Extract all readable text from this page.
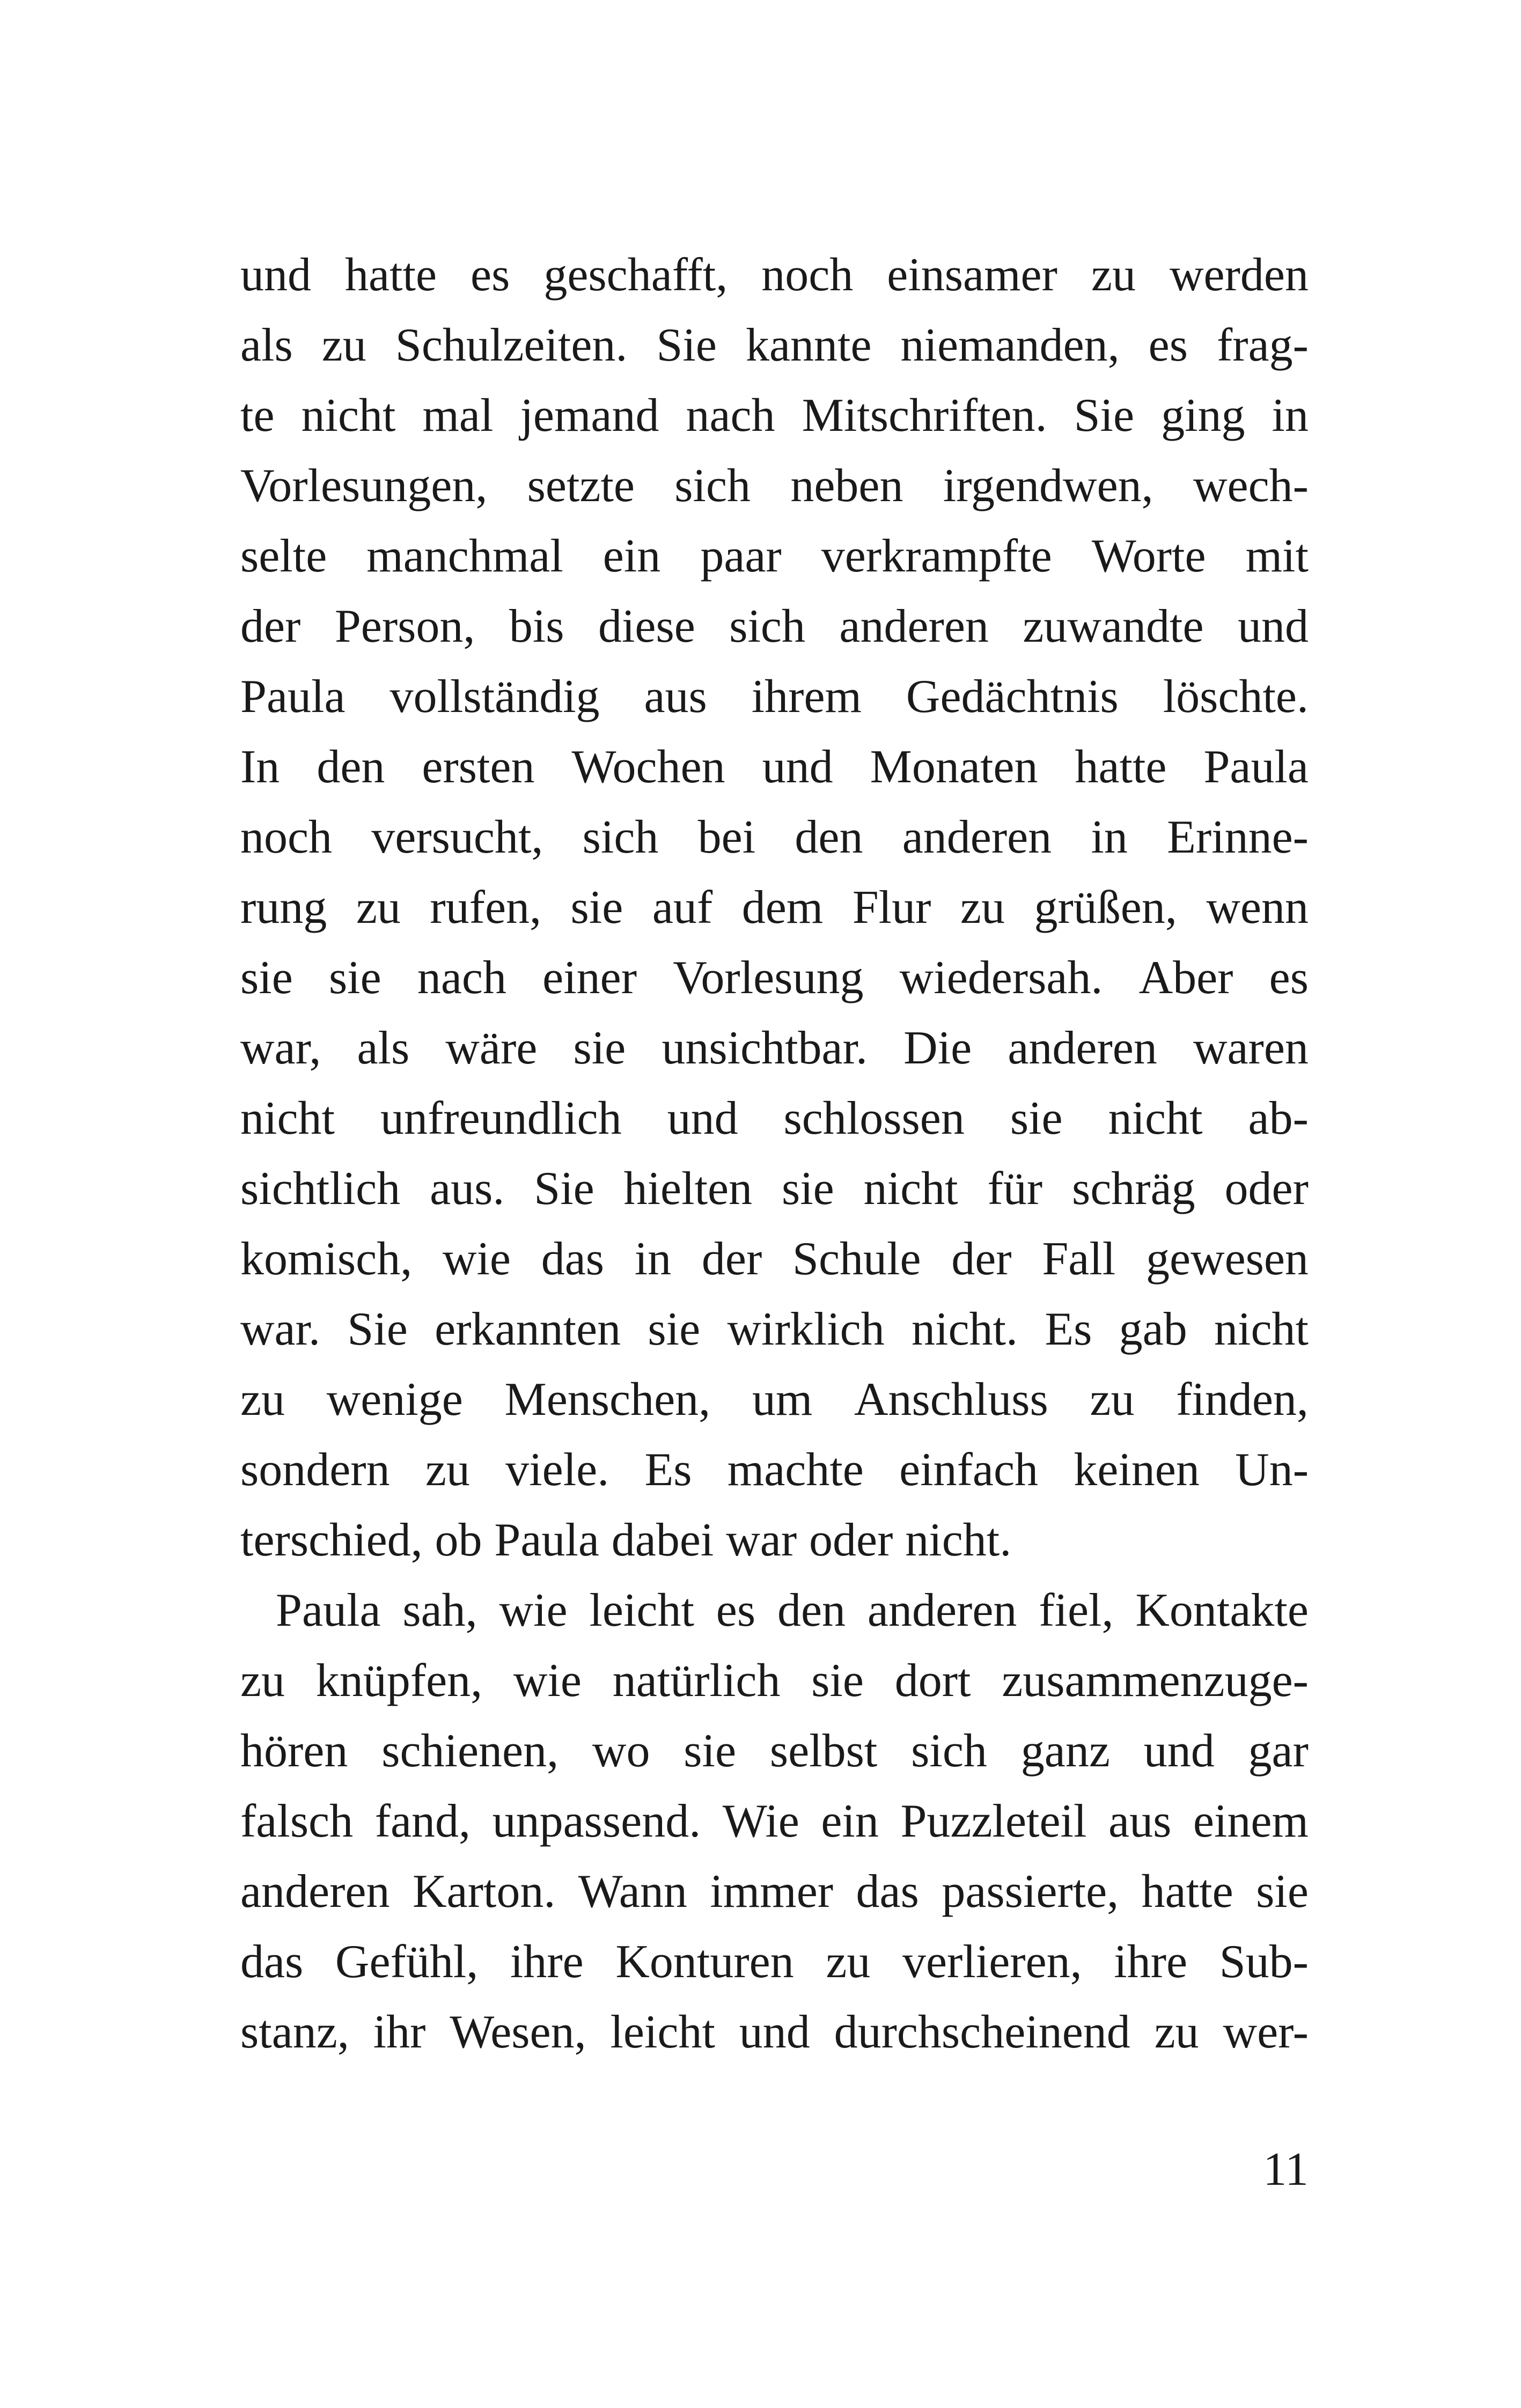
und hatte es geschafft, noch einsamer zu werden
als zu Schulzeiten. Sie kannte niemanden, es frag-
te nicht mal jemand nach Mitschriften. Sie ging in
Vorlesungen, setzte sich neben irgendwen, wech-
selte manchmal ein paar verkrampfte Worte mit
der Person, bis diese sich anderen zuwandte und
Paula vollständig aus ihrem Gedächtnis löschte.
In den ersten Wochen und Monaten hatte Paula
noch versucht, sich bei den anderen in Erinne-
rung zu rufen, sie auf dem Flur zu grüßen, wenn
sie sie nach einer Vorlesung wiedersah. Aber es
war, als wäre sie unsichtbar. Die anderen waren
nicht unfreundlich und schlossen sie nicht ab-
sichtlich aus. Sie hielten sie nicht für schräg oder
komisch, wie das in der Schule der Fall gewesen
war. Sie erkannten sie wirklich nicht. Es gab nicht
zu wenige Menschen, um Anschluss zu finden,
sondern zu viele. Es machte einfach keinen Un-
terschied, ob Paula dabei war oder nicht.
Paula sah, wie leicht es den anderen fiel, Kontakte
zu knüpfen, wie natürlich sie dort zusammenzuge-
hören schienen, wo sie selbst sich ganz und gar
falsch fand, unpassend. Wie ein Puzzleteil aus einem
anderen Karton. Wann immer das passierte, hatte sie
das Gefühl, ihre Konturen zu verlieren, ihre Sub-
stanz, ihr Wesen, leicht und durchscheinend zu wer-
11
